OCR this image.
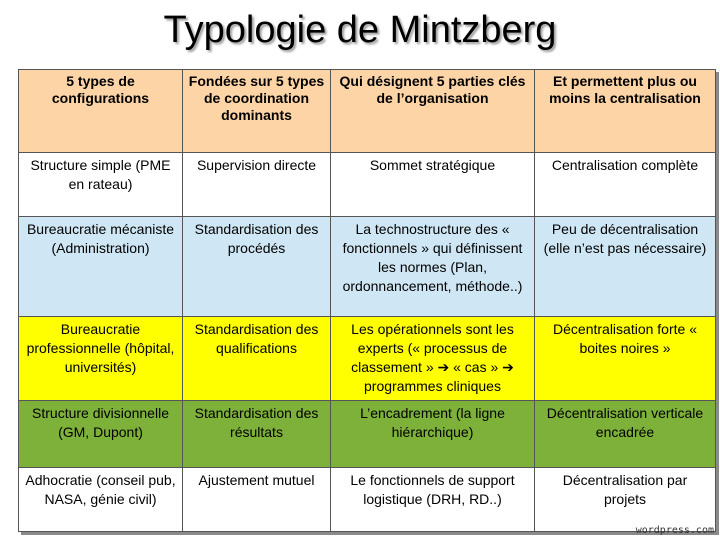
Typologie de Mintzberg
5 types de configurations	Fondées sur 5 types de coordination dominants	Qui désignent 5 parties clés de l’organisation	Et permettent plus ou moins la centralisation
Structure simple (PME en rateau)	Supervision directe	Sommet stratégique	Centralisation complète
Bureaucratie mécaniste (Administration)	Standardisation des procédés	La technostructure des « fonctionnels » qui définissent les normes (Plan, ordonnancement, méthode..)	Peu de décentralisation (elle n’est pas nécessaire)
Bureaucratie professionnelle (hôpital, universités)	Standardisation des qualifications	Les opérationnels sont les experts (« processus de classement » ➔ « cas » ➔ programmes cliniques	Décentralisation forte « boites noires »
Structure divisionnelle (GM, Dupont)	Standardisation des résultats	L’encadrement (la ligne hiérarchique)	Décentralisation verticale encadrée
Adhocratie (conseil pub, NASA, génie civil)	Ajustement mutuel	Le fonctionnels de support logistique (DRH, RD..)	Décentralisation par projets
wordpress.com
